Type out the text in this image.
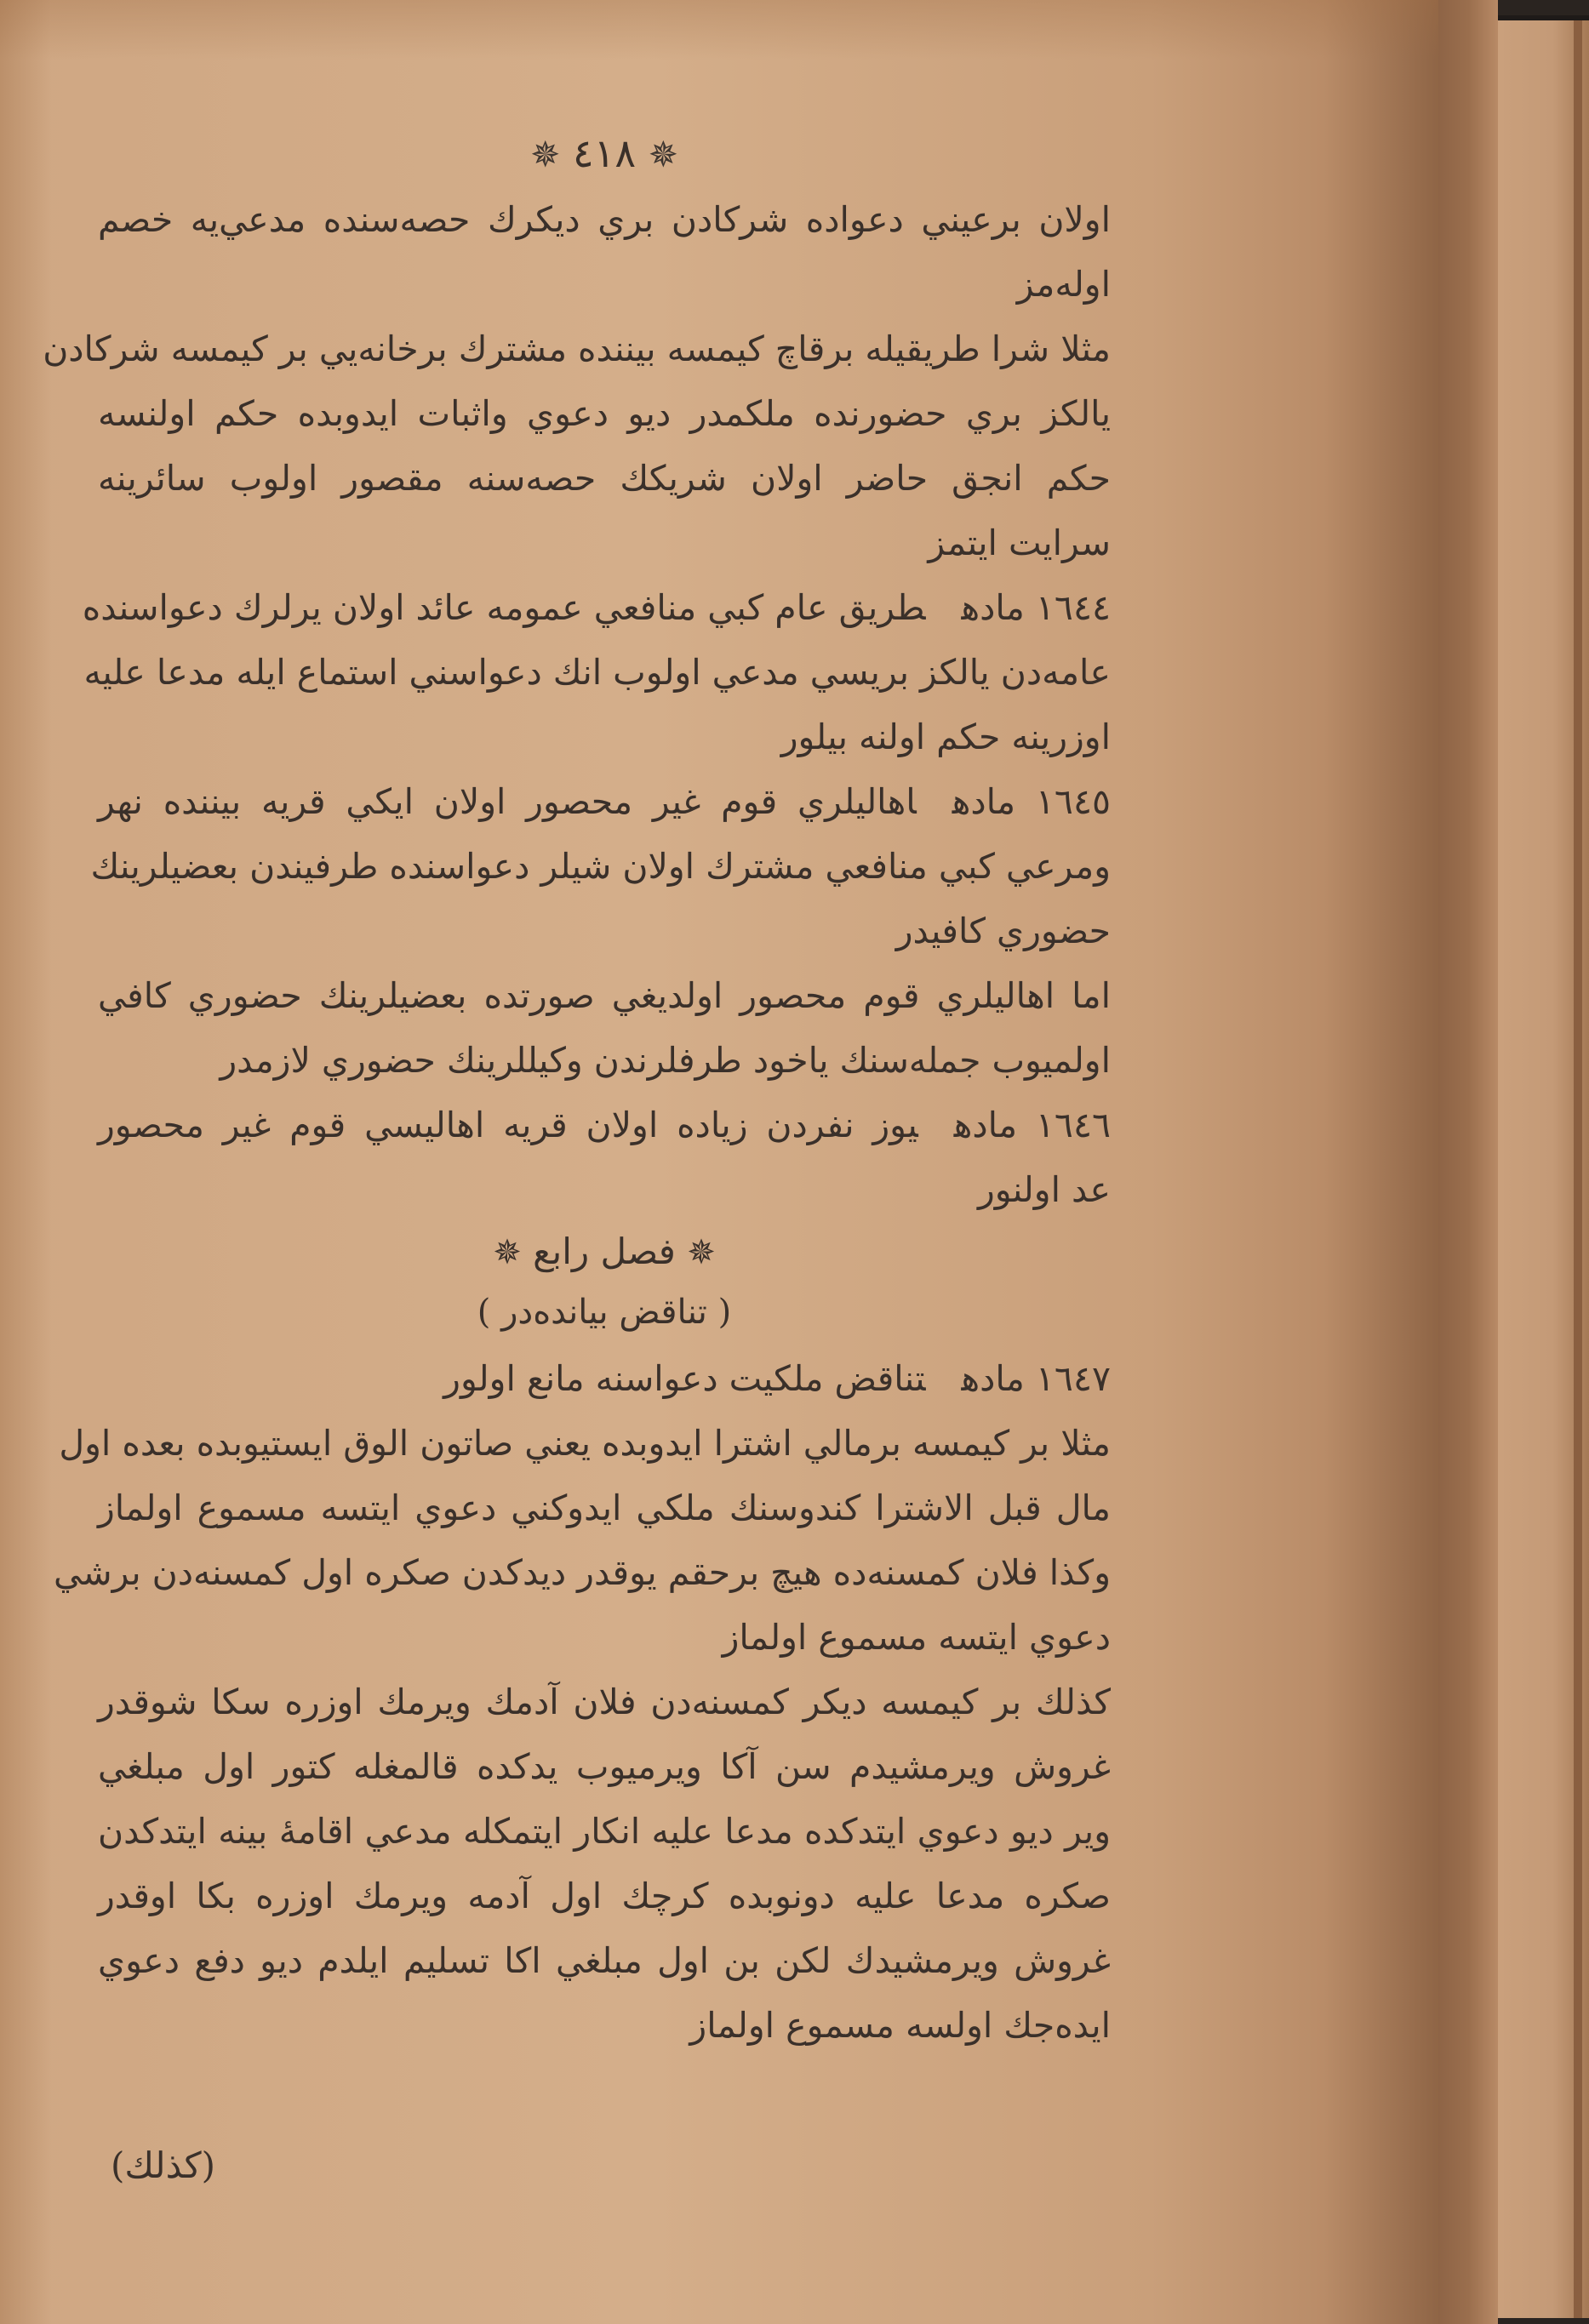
✵ ٤١٨ ✵
اولان برعيني دعواده شركادن بري ديكرك حصه‌سنده مدعي‌يه خصم
اوله‌مز
مثلا شرا طريقيله برقاچ كيمسه بيننده مشترك برخانه‌يي بر كيمسه شركادن
يالكز بري حضورنده ملكمدر ديو دعوي واثبات ايدوبده حكم اولنسه
حكم انجق حاضر اولان شريكك حصه‌سنه مقصور اولوب سائرينه
سرايت ايتمز
١٦٤٤ مادهطريق عام كبي منافعي عمومه عائد اولان يرلرك دعواسنده
عامه‌دن يالكز بريسي مدعي اولوب انك دعواسني استماع ايله مدعا عليه
اوزرينه حكم اولنه بيلور
١٦٤٥ مادهاهاليلري قوم غير محصور اولان ايكي قريه بيننده نهر
ومرعي كبي منافعي مشترك اولان شيلر دعواسنده طرفيندن بعضيلرينك
حضوري كافيدر
اما اهاليلري قوم محصور اولديغي صورتده بعضيلرينك حضوري كافي
اولميوب جمله‌سنك ياخود طرفلرندن وكيللرينك حضوري لازمدر
١٦٤٦ مادهيوز نفردن زياده اولان قريه اهاليسي قوم غير محصور
عد اولنور
✵ فصل رابع ✵
( تناقض بيانده‌در )
١٦٤٧ مادهتناقض ملكيت دعواسنه مانع اولور
مثلا بر كيمسه برمالي اشترا ايدوبده يعني صاتون الوق ايستيوبده بعده اول
مال قبل الاشترا كندوسنك ملكي ايدوكني دعوي ايتسه مسموع اولماز
وكذا فلان كمسنه‌ده هيچ برحقم يوقدر ديدكدن صكره اول كمسنه‌دن برشي
دعوي ايتسه مسموع اولماز
كذلك بر كيمسه ديكر كمسنه‌دن فلان آدمك ويرمك اوزره سكا شوقدر
غروش ويرمشيدم سن آكا ويرميوب يدكده قالمغله كتور اول مبلغي
وير ديو دعوي ايتدكده مدعا عليه انكار ايتمكله مدعي اقامهٔ بينه ايتدكدن
صكره مدعا عليه دونوبده كرچك اول آدمه ويرمك اوزره بكا اوقدر
غروش ويرمشيدك لكن بن اول مبلغي اكا تسليم ايلدم ديو دفع دعوي
ايده‌جك اولسه مسموع اولماز
(كذلك)
